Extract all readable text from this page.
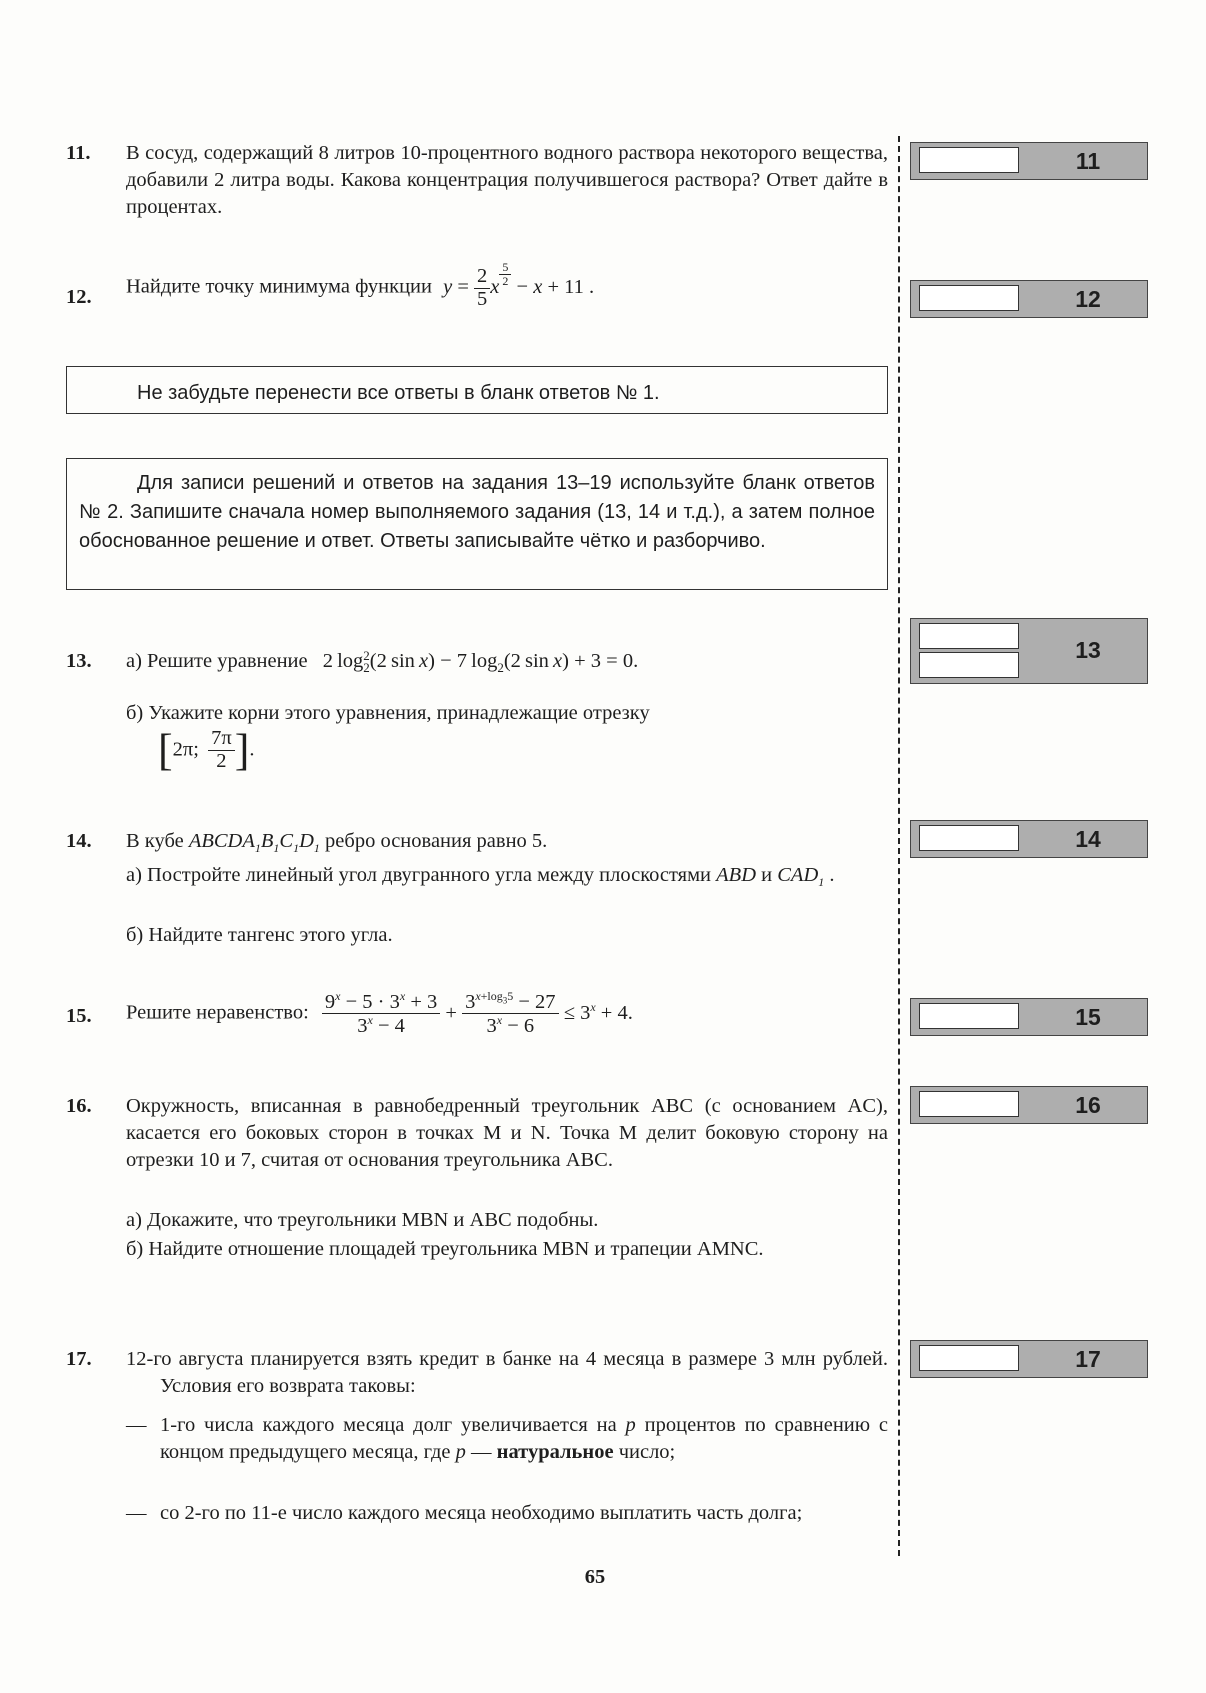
11. В сосуд, содержащий 8 литров 10-процентного водного раствора некоторого вещества, добавили 2 литра воды. Какова концентрация получившегося раствора? Ответ дайте в процентах.
11
12. Найдите точку минимума функции $y = \frac{2}{5}$ x $^{\frac{5}{2}}$ − x + 11 .	12
Не забудьте перенести все ответы в бланк ответов № 1.
Для записи решений и ответов на задания 13–19 используйте бланк ответов № 2. Запишите сначала номер выполняемого задания (13, 14 и т.д.), а затем полное обоснованное решение и ответ. Ответы записывайте чётко и разборчиво.
13. а) Решите уравнение 2 log 2
2 (2 sin x) − 7 $\log_2(2$ sin x) + 3 = 0.
б) Укажите корни этого уравнения, принадлежащие отрезку
[2π; $\frac{7\pi}{2}$ ].
13
14. В кубе $ABCDA_1B_1C_1D_1$ ребро основания равно 5.
а) Постройте линейный угол двугранного угла между плоскостями ABD и $CAD_1$ .
б) Найдите тангенс этого угла.
14
15. Решите неравенство: $\frac{9^x - 5 \cdot 3^x + 3}{3^x - 4} + \frac{3^{x+log_35} - 27}{3^x - 6} \le 3^x + 4$.	15
16. Окружность, вписанная в равнобедренный треугольник ABC (с основанием AC), касается его боковых сторон в точках M и N. Точка M делит боковую сторону на отрезки 10 и 7, считая от основания треугольника ABC.
а) Докажите, что треугольники MBN и ABC подобны.
б) Найдите отношение площадей треугольника MBN и трапеции AMNC.
16
17. 12-го августа планируется взять кредит в банке на 4 месяца в размере 3 млн рублей. Условия его возврата таковы:
— 1-го числа каждого месяца долг увеличивается на p процентов по сравнению с концом предыдущего месяца, где p — натуральное число;
— со 2-го по 11-е число каждого месяца необходимо выплатить часть долга;
17
65
